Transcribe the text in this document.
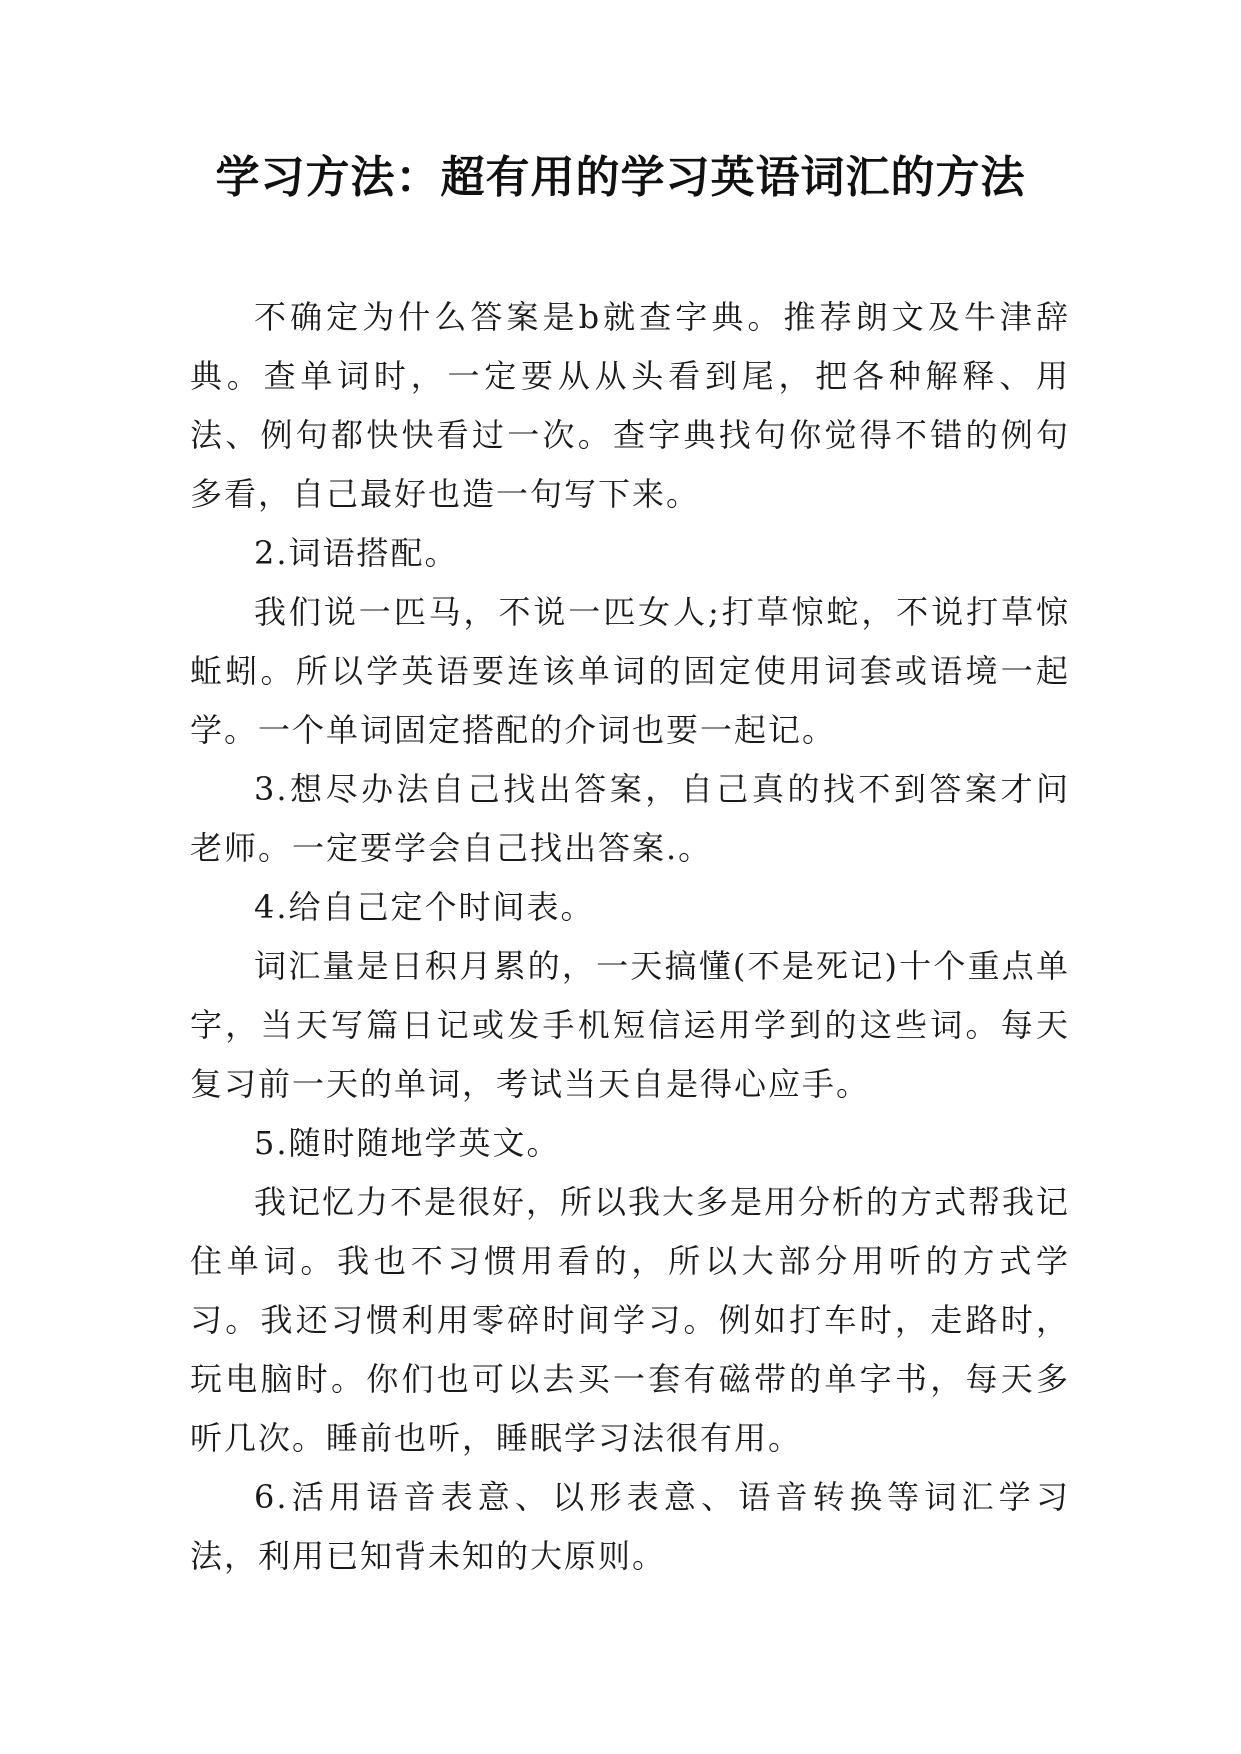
学习方法：超有用的学习英语词汇的方法

不确定为什么答案是b就查字典。推荐朗文及牛津辞典。查单词时，一定要从从头看到尾，把各种解释、用法、例句都快快看过一次。查字典找句你觉得不错的例句多看，自己最好也造一句写下来。

2.词语搭配。

我们说一匹马，不说一匹女人;打草惊蛇，不说打草惊蚯蚓。所以学英语要连该单词的固定使用词套或语境一起学。一个单词固定搭配的介词也要一起记。

3.想尽办法自己找出答案，自己真的找不到答案才问老师。一定要学会自己找出答案.。

4.给自己定个时间表。

词汇量是日积月累的，一天搞懂(不是死记)十个重点单字，当天写篇日记或发手机短信运用学到的这些词。每天复习前一天的单词，考试当天自是得心应手。

5.随时随地学英文。

我记忆力不是很好，所以我大多是用分析的方式帮我记住单词。我也不习惯用看的，所以大部分用听的方式学习。我还习惯利用零碎时间学习。例如打车时，走路时，玩电脑时。你们也可以去买一套有磁带的单字书，每天多听几次。睡前也听，睡眠学习法很有用。

6.活用语音表意、以形表意、语音转换等词汇学习法，利用已知背未知的大原则。
